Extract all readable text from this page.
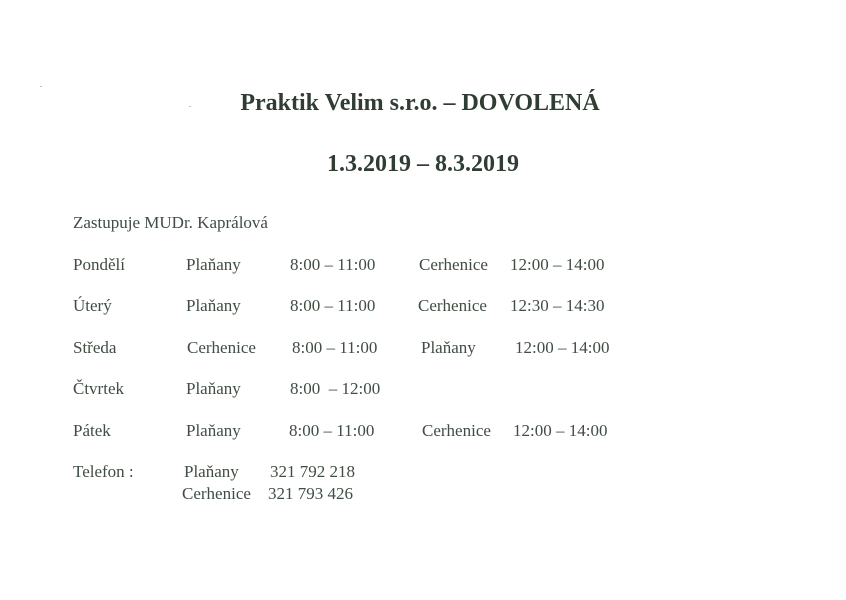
Praktik Velim s.r.o. – DOVOLENÁ
1.3.2019 – 8.3.2019
Zastupuje MUDr. Kaprálová
Pondělí	Plaňany	8:00 – 11:00	Cerhenice 12:00 – 14:00
Úterý	Plaňany	8:00 – 11:00	Cerhenice 12:30 – 14:30
Středa	Cerhenice 8:00 – 11:00	Plaňany 12:00 – 14:00
Čtvrtek	Plaňany	8:00  – 12:00
Pátek	Plaňany	8:00 – 11:00	Cerhenice 12:00 – 14:00
Telefon :	Plaňany 321 792 218
Cerhenice 321 793 426
